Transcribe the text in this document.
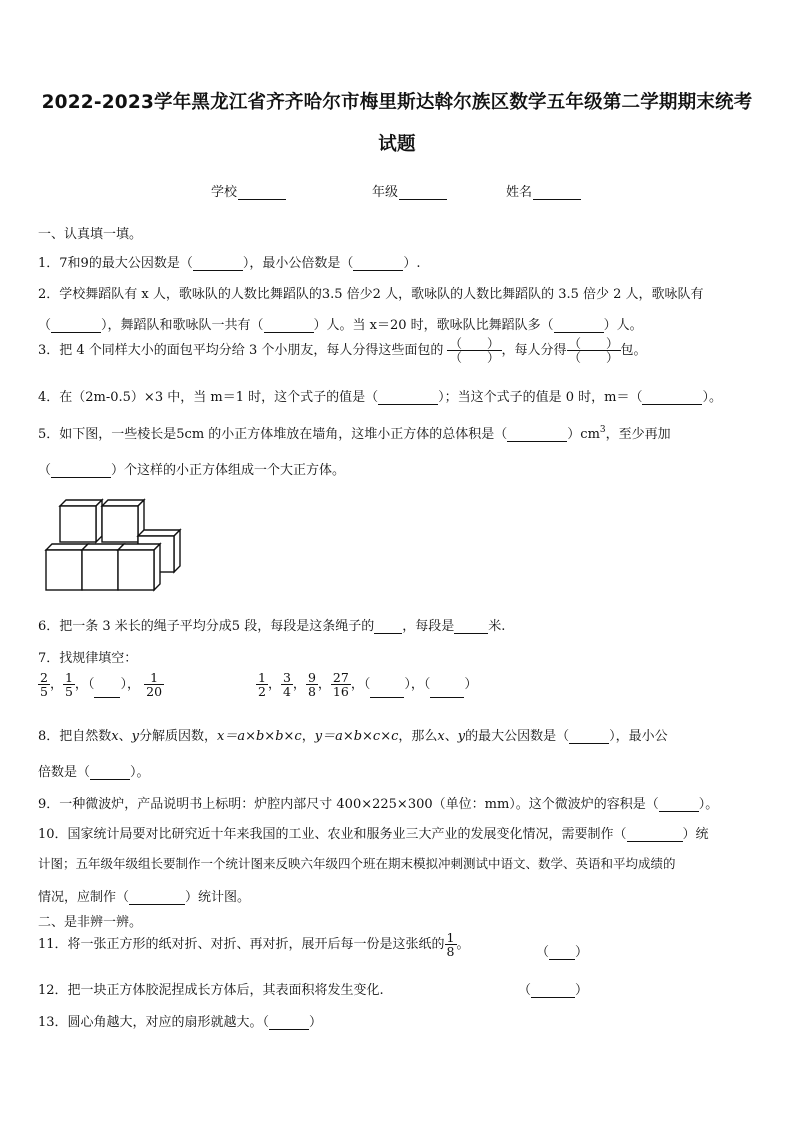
2022-2023学年黑龙江省齐齐哈尔市梅里斯达斡尔族区数学五年级第二学期期末统考
试题
学校	年级	姓名
一、认真填一填。
1．7和9的最大公因数是（	），最小公倍数是（	）.
2．学校舞蹈队有 x 人，歌咏队的人数比舞蹈队的3.5 倍少2 人，歌咏队的人数比舞蹈队的 3.5 倍少 2 人，歌咏队有
（	），舞蹈队和歌咏队一共有（	）人。当 x＝20 时，歌咏队比舞蹈队多（	）人。
3．把 4 个同样大小的面包平均分给 3 个小朋友，每人分得这些面包的 $\frac{( )}{( )}$ ，每人分得 $\frac{( )}{( )}$ 包。
4．在（2m-0.5）×3 中，当 m＝1 时，这个式子的值是（	）；当这个式子的值是 0 时，m＝（	）。
5．如下图，一些棱长是5cm 的小正方体堆放在墙角，这堆小正方体的总体积是（	）$cm^3$，至少再加
（	）个这样的小正方体组成一个大正方体。
6．把一条 3 米长的绳子平均分成5 段，每段是这条绳子的 ，每段是	米.
7．找规律填空：
$\frac{2}{5}$ ， $\frac{1}{5}$ ，（ ）， $\frac{1}{20}$	$\frac{1}{2}$ ， $\frac{3}{4}$ ， $\frac{9}{8}$ ， $\frac{27}{16}$ ，（	），（	）
8．把自然数x、y分解质因数，x＝a×b×b×c，y＝a×b×c×c，那么x、y的最大公因数是（	），最小公
倍数是（	）。
9．一种微波炉，产品说明书上标明：炉腔内部尺寸 400×225×300（单位：mm）。这个微波炉的容积是（	）。
10．国家统计局要对比研究近十年来我国的工业、农业和服务业三大产业的发展变化情况，需要制作（	）统
计图；五年级年级组长要制作一个统计图来反映六年级四个班在期末模拟冲刺测试中语文、数学、英语和平均成绩的
情况，应制作（	）统计图。
二、是非辨一辨。
11．将一张正方形的纸对折、对折、再对折，展开后每一份是这张纸的 $\frac{1}{8}$ 。
（ ）
12．把一块正方体胶泥捏成长方体后，其表面积将发生变化.	（	）
13．圆心角越大，对应的扇形就越大。（	）
